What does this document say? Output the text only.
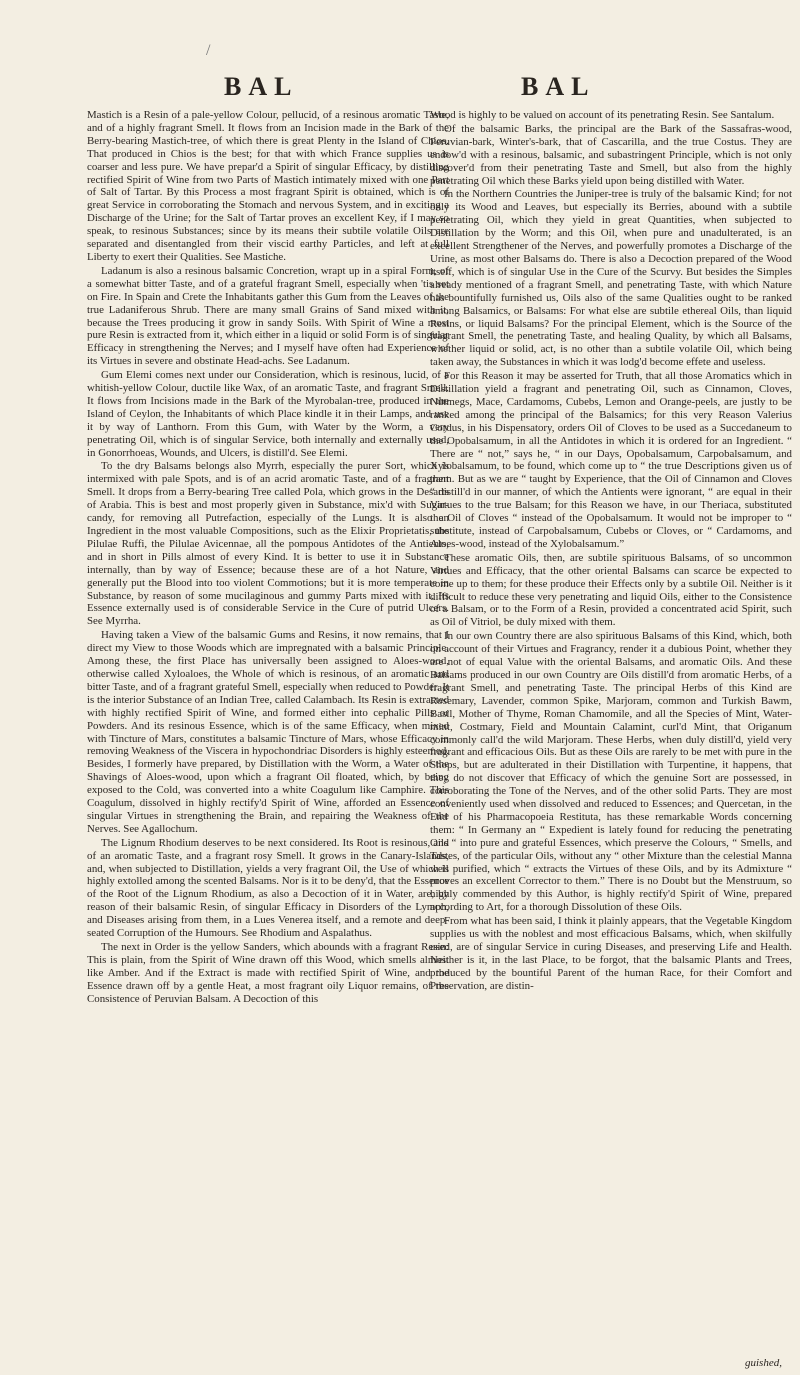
/
BAL	BAL

Mastich is a Resin of a pale-yellow Colour, pellucid, of a resinous aromatic Taste, and of a highly fragrant Smell. It flows from an Incision made in the Bark of the Berry-bearing Mastich-tree, of which there is great Plenty in the Island of Chios. That produced in Chios is the best; for that with which France supplies us is coarser and less pure. We have prepar'd a Spirit of singular Efficacy, by distilling rectified Spirit of Wine from two Parts of Mastich intimately mixed with one Part of Salt of Tartar. By this Process a most fragrant Spirit is obtained, which is of great Service in corroborating the Stomach and nervous System, and in exciting a Discharge of the Urine; for the Salt of Tartar proves an excellent Key, if I may so speak, to resinous Substances; since by its means their subtile volatile Oils are separated and disentangled from their viscid earthy Particles, and left at full Liberty to exert their Qualities. See Mastiche.

Ladanum is also a resinous balsamic Concretion, wrapt up in a spiral Form, of a somewhat bitter Taste, and of a grateful fragrant Smell, especially when 'tis set on Fire. In Spain and Crete the Inhabitants gather this Gum from the Leaves of the true Ladaniferous Shrub. There are many small Grains of Sand mixed with it, because the Trees producing it grow in sandy Soils. With Spirit of Wine a most pure Resin is extracted from it, which either in a liquid or solid Form is of singular Efficacy in strengthening the Nerves; and I myself have often had Experience of its Virtues in severe and obstinate Head-achs. See Ladanum.

Gum Elemi comes next under our Consideration, which is resinous, lucid, of a whitish-yellow Colour, ductile like Wax, of an aromatic Taste, and fragrant Smell. It flows from Incisions made in the Bark of the Myrobalan-tree, produced in the Island of Ceylon, the Inhabitants of which Place kindle it in their Lamps, and use it by way of Lanthorn. From this Gum, with Water by the Worm, a very penetrating Oil, which is of singular Service, both internally and externally used, in Gonorrhoeas, Wounds, and Ulcers, is distill'd. See Elemi.

To the dry Balsams belongs also Myrrh, especially the purer Sort, which is intermixed with pale Spots, and is of an acrid aromatic Taste, and of a fragrant Smell. It drops from a Berry-bearing Tree called Pola, which grows in the Desarts of Arabia. This is best and most properly given in Substance, mix'd with Sugar-candy, for removing all Putrefaction, especially of the Lungs. It is also an Ingredient in the most valuable Compositions, such as the Elixir Proprietatis, the Pilulae Ruffi, the Pilulae Avicennae, all the pompous Antidotes of the Antients, and in short in Pills almost of every Kind. It is better to use it in Substance internally, than by way of Essence; because these are of a hot Nature, and generally put the Blood into too violent Commotions; but it is more temperate in Substance, by reason of some mucilaginous and gummy Parts mixed with it. Its Essence externally used is of considerable Service in the Cure of putrid Ulcers. See Myrrha.

Having taken a View of the balsamic Gums and Resins, it now remains, that I direct my View to those Woods which are impregnated with a balsamic Principle. Among these, the first Place has universally been assigned to Aloes-wood, otherwise called Xyloaloes, the Whole of which is resinous, of an aromatic and bitter Taste, and of a fragrant grateful Smell, especially when reduced to Powder. It is the interior Substance of an Indian Tree, called Calambach. Its Resin is extracted with highly rectified Spirit of Wine, and formed either into cephalic Pills or Powders. And its resinous Essence, which is of the same Efficacy, when mixed with Tincture of Mars, constitutes a balsamic Tincture of Mars, whose Efficacy in removing Weakness of the Viscera in hypochondriac Disorders is highly esteemed. Besides, I formerly have prepared, by Distillation with the Worm, a Water of the Shavings of Aloes-wood, upon which a fragrant Oil floated, which, by being exposed to the Cold, was converted into a white Coagulum like Camphire. This Coagulum, dissolved in highly rectify'd Spirit of Wine, afforded an Essence of singular Virtues in strengthening the Brain, and repairing the Weakness of the Nerves. See Agallochum.

The Lignum Rhodium deserves to be next considered. Its Root is resinous, and of an aromatic Taste, and a fragrant rosy Smell. It grows in the Canary-Islands, and, when subjected to Distillation, yields a very fragrant Oil, the Use of which is highly extolled among the scented Balsams. Nor is it to be deny'd, that the Essence of the Root of the Lignum Rhodium, as also a Decoction of it in Water, are, by reason of their balsamic Resin, of singular Efficacy in Disorders of the Lymph, and Diseases arising from them, in a Lues Venerea itself, and a remote and deep-seated Corruption of the Humours. See Rhodium and Aspalathus.

The next in Order is the yellow Sanders, which abounds with a fragrant Resin: This is plain, from the Spirit of Wine drawn off this Wood, which smells almost like Amber. And if the Extract is made with rectified Spirit of Wine, and the Essence drawn off by a gentle Heat, a most fragrant oily Liquor remains, of the Consistence of Peruvian Balsam. A Decoction of this

Wood is highly to be valued on account of its penetrating Resin. See Santalum.

Of the balsamic Barks, the principal are the Bark of the Sassafras-wood, Peruvian-bark, Winter's-bark, that of Cascarilla, and the true Costus. They are endow'd with a resinous, balsamic, and subastringent Principle, which is not only discover'd from their penetrating Taste and Smell, but also from the highly penetrating Oil which these Barks yield upon being distilled with Water.

In the Northern Countries the Juniper-tree is truly of the balsamic Kind; for not only its Wood and Leaves, but especially its Berries, abound with a subtile penetrating Oil, which they yield in great Quantities, when subjected to Distillation by the Worm; and this Oil, when pure and unadulterated, is an excellent Strengthener of the Nerves, and powerfully promotes a Discharge of the Urine, as most other Balsams do. There is also a Decoction prepared of the Wood itself, which is of singular Use in the Cure of the Scurvy. But besides the Simples already mentioned of a fragrant Smell, and penetrating Taste, with which Nature has bountifully furnished us, Oils also of the same Qualities ought to be ranked among Balsamics, or Balsams: For what else are subtile ethereal Oils, than liquid Resins, or liquid Balsams? For the principal Element, which is the Source of the fragrant Smell, the penetrating Taste, and healing Quality, by which all Balsams, whether liquid or solid, act, is no other than a subtile volatile Oil, which being taken away, the Substances in which it was lodg'd become effete and useless.

For this Reason it may be asserted for Truth, that all those Aromatics which in Distillation yield a fragrant and penetrating Oil, such as Cinnamon, Cloves, Nutmegs, Mace, Cardamoms, Cubebs, Lemon and Orange-peels, are justly to be ranked among the principal of the Balsamics; for this very Reason Valerius Cordus, in his Dispensatory, orders Oil of Cloves to be used as a Succedaneum to the Opobalsamum, in all the Antidotes in which it is ordered for an Ingredient. “ There are “ not,” says he, “ in our Days, Opobalsamum, Carpobalsamum, and Xylobalsamum, to be found, which come up to “ the true Descriptions given us of them. But as we are “ taught by Experience, that the Oil of Cinnamon and Cloves “ distill'd in our manner, of which the Antients were ignorant, “ are equal in their Virtues to the true Balsam; for this Reason we have, in our Theriaca, substituted the Oil of Cloves “ instead of the Opobalsamum. It would not be improper to “ substitute, instead of Carpobalsamum, Cubebs or Cloves, or “ Cardamoms, and Aloes-wood, instead of the Xylobalsamum.”

These aromatic Oils, then, are subtile spirituous Balsams, of so uncommon Virtues and Efficacy, that the other oriental Balsams can scarce be expected to come up to them; for these produce their Effects only by a subtile Oil. Neither is it difficult to reduce these very penetrating and liquid Oils, either to the Consistence of a Balsam, or to the Form of a Resin, provided a concentrated acid Spirit, such as Oil of Vitriol, be duly mixed with them.

In our own Country there are also spirituous Balsams of this Kind, which, both on account of their Virtues and Fragrancy, render it a dubious Point, whether they are not of equal Value with the oriental Balsams, and aromatic Oils. And these Balsams produced in our own Country are Oils distill'd from aromatic Herbs, of a fragrant Smell, and penetrating Taste. The principal Herbs of this Kind are Rosemary, Lavender, common Spike, Marjoram, common and Turkish Bawm, Basil, Mother of Thyme, Roman Chamomile, and all the Species of Mint, Water-mint, Costmary, Field and Mountain Calamint, curl'd Mint, that Origanum commonly call'd the wild Marjoram. These Herbs, when duly distill'd, yield very fragrant and efficacious Oils. But as these Oils are rarely to be met with pure in the Shops, but are adulterated in their Distillation with Turpentine, it happens, that they do not discover that Efficacy of which the genuine Sort are possessed, in corroborating the Tone of the Nerves, and of the other solid Parts. They are most conveniently used when dissolved and reduced to Essences; and Quercetan, in the End of his Pharmacopoeia Restituta, has these remarkable Words concerning them: “ In Germany an “ Expedient is lately found for reducing the penetrating Oils “ into pure and grateful Essences, which preserve the Colours, “ Smells, and Tastes, of the particular Oils, without any “ other Mixture than the celestial Manna well purified, which “ extracts the Virtues of these Oils, and by its Admixture “ proves an excellent Corrector to them.” There is no Doubt but the Menstruum, so highly commended by this Author, is highly rectify'd Spirit of Wine, prepared according to Art, for a thorough Dissolution of these Oils.

From what has been said, I think it plainly appears, that the Vegetable Kingdom supplies us with the noblest and most efficacious Balsams, which, when skilfully used, are of singular Service in curing Diseases, and preserving Life and Health. Neither is it, in the last Place, to be forgot, that the balsamic Plants and Trees, produced by the bountiful Parent of the human Race, for their Comfort and Preservation, are distin-

guished,
